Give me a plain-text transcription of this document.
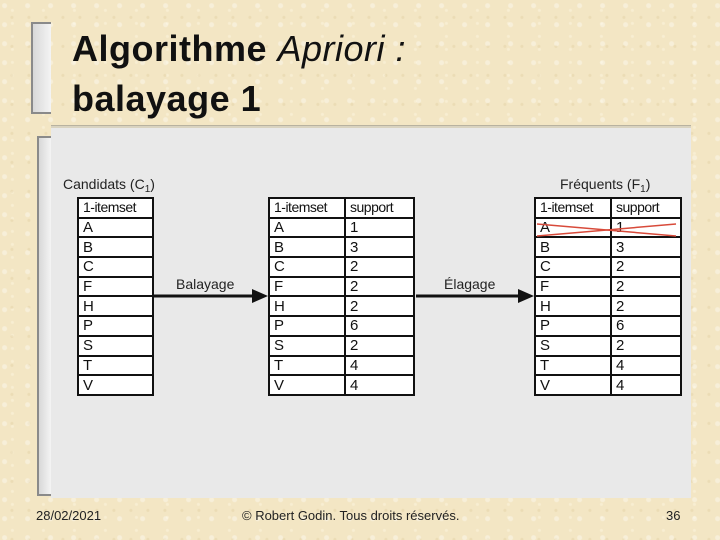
Algorithme Apriori :
balayage 1
Candidats $(C_1)$	Fréquents $(F_1)$
1-itemset
A
B
C
F
H
P
S
T
V
1-itemset	support
A	1
B	3
C	2
F	2
H	2
P	6
S	2
T	4
V	4
1-itemset	support
A	1
B	3
C	2
F	2
H	2
P	6
S	2
T	4
V	4
Balayage	Élagage
28/02/2021	© Robert Godin. Tous droits réservés.	36
